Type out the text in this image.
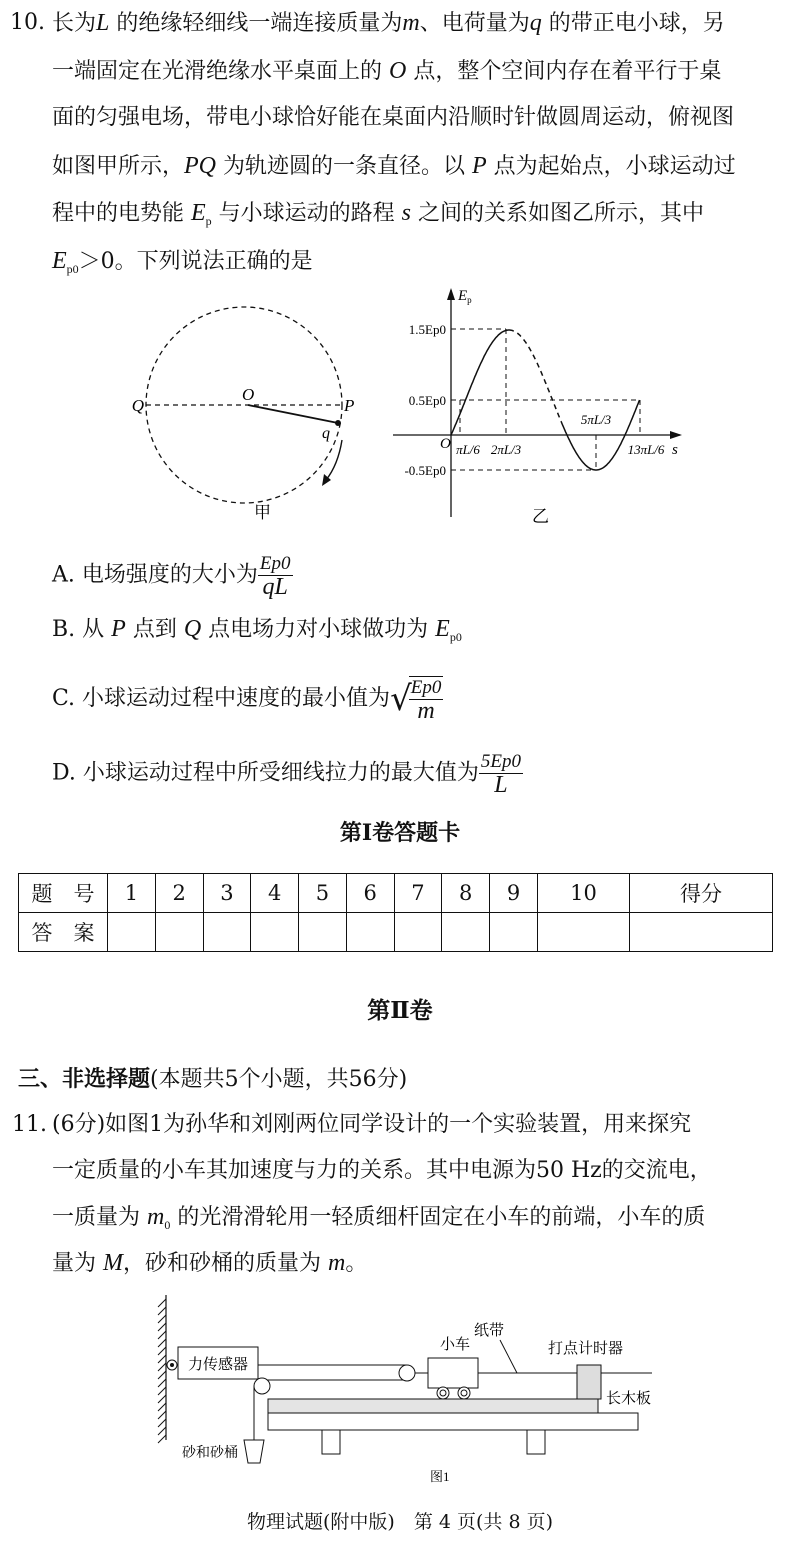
10. 长为L 的绝缘轻细线一端连接质量为m、电荷量为q 的带正电小球，另
一端固定在光滑绝缘水平桌面上的 O 点，整个空间内存在着平行于桌
面的匀强电场，带电小球恰好能在桌面内沿顺时针做圆周运动，俯视图
如图甲所示，PQ 为轨迹圆的一条直径。以 P 点为起始点，小球运动过
程中的电势能 $E_p$ 与小球运动的路程 s 之间的关系如图乙所示，其中
$E_{p0}>0$。下列说法正确的是
Q
O
P
q
甲
$E_p$
s
O
1.5Ep0
0.5Ep0
-0.5Ep0
πL/6 2πL/3
5πL/3
13πL/6
乙
A. 电场强度的大小为 $\frac{Ep0}{qL}$
B. 从 P 点到 Q 点电场力对小球做功为 $E_{p0}$
C. 小球运动过程中速度的最小值为√
$\frac{Ep0}{m}$
D. 小球运动过程中所受细线拉力的最大值为 $\frac{5Ep0}{L}$
第Ⅰ卷答题卡
题　号	1	2	3	4	5	6	7	8	9	10	得分
答　案											
第Ⅱ卷
三、非选择题(本题共5个小题，共56分)
11. (6分)如图1为孙华和刘刚两位同学设计的一个实验装置，用来探究
一定质量的小车其加速度与力的关系。其中电源为50 Hz的交流电，
一质量为 $m_0$ 的光滑滑轮用一轻质细杆固定在小车的前端，小车的质
量为 M，砂和砂桶的质量为 m。
力传感器
砂和砂桶
小车
纸带
打点计时器
长木板
图1
物理试题(附中版)　第 4 页(共 8 页)
